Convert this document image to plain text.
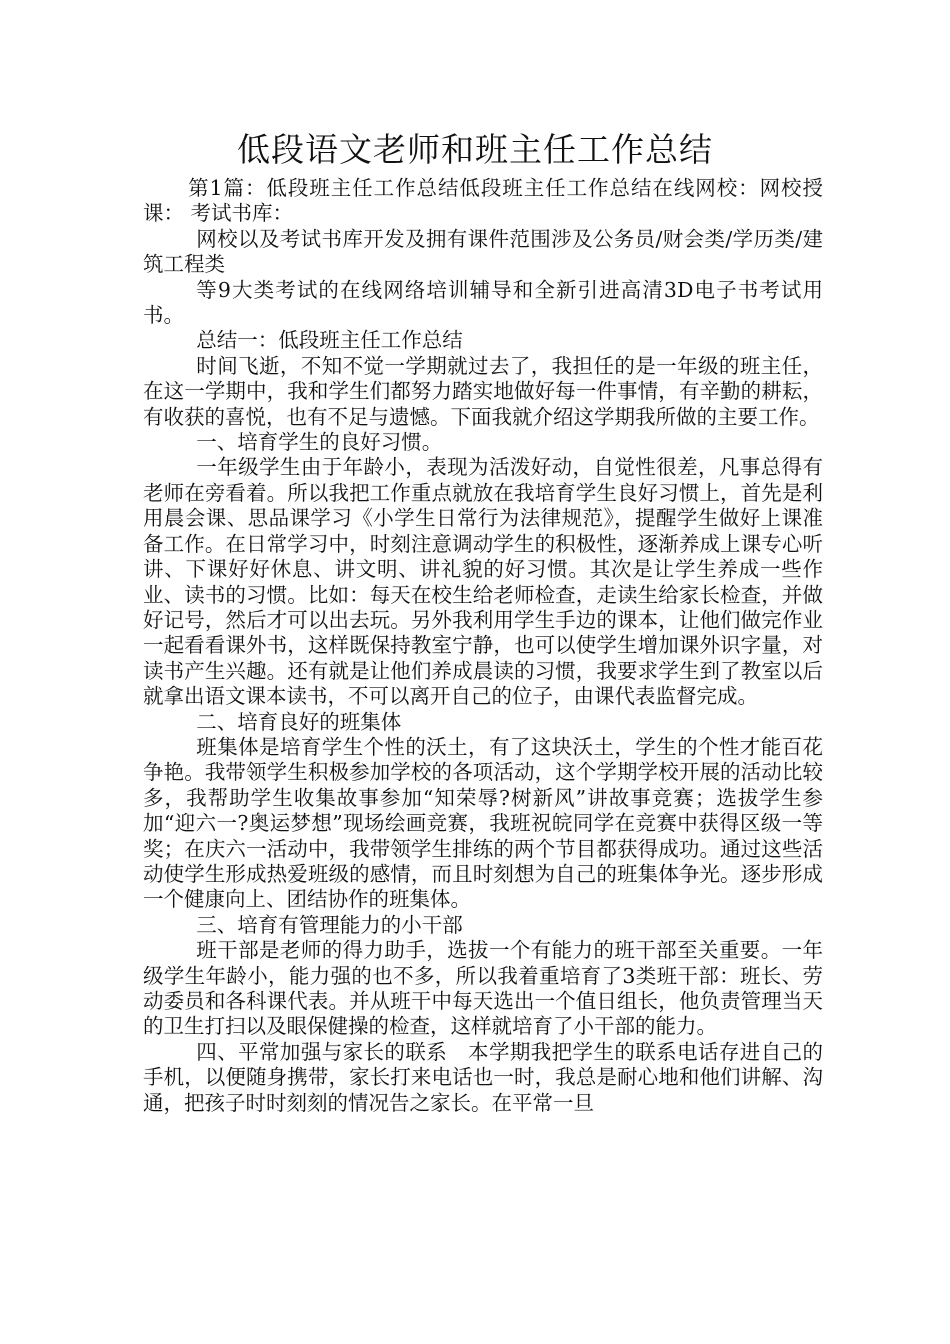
低段语文老师和班主任工作总结

第1篇：低段班主任工作总结低段班主任工作总结在线网校：网校授课： 考试书库：

网校以及考试书库开发及拥有课件范围涉及公务员/财会类/学历类/建筑工程类

等9大类考试的在线网络培训辅导和全新引进高清3D电子书考试用书。

总结一：低段班主任工作总结

时间飞逝，不知不觉一学期就过去了，我担任的是一年级的班主任，在这一学期中，我和学生们都努力踏实地做好每一件事情，有辛勤的耕耘，有收获的喜悦，也有不足与遗憾。下面我就介绍这学期我所做的主要工作。

一、培育学生的良好习惯。

一年级学生由于年龄小，表现为活泼好动，自觉性很差，凡事总得有老师在旁看着。所以我把工作重点就放在我培育学生良好习惯上，首先是利用晨会课、思品课学习《小学生日常行为法律规范》，提醒学生做好上课准备工作。在日常学习中，时刻注意调动学生的积极性，逐渐养成上课专心听讲、下课好好休息、讲文明、讲礼貌的好习惯。其次是让学生养成一些作业、读书的习惯。比如：每天在校生给老师检查，走读生给家长检查，并做好记号，然后才可以出去玩。另外我利用学生手边的课本，让他们做完作业一起看看课外书，这样既保持教室宁静，也可以使学生增加课外识字量，对读书产生兴趣。还有就是让他们养成晨读的习惯，我要求学生到了教室以后就拿出语文课本读书，不可以离开自己的位子，由课代表监督完成。

二、培育良好的班集体

班集体是培育学生个性的沃土，有了这块沃土，学生的个性才能百花争艳。我带领学生积极参加学校的各项活动，这个学期学校开展的活动比较多，我帮助学生收集故事参加“知荣辱?树新风”讲故事竞赛；选拔学生参加“迎六一?奥运梦想”现场绘画竞赛，我班祝皖同学在竞赛中获得区级一等奖；在庆六一活动中，我带领学生排练的两个节目都获得成功。通过这些活动使学生形成热爱班级的感情，而且时刻想为自己的班集体争光。逐步形成一个健康向上、团结协作的班集体。

三、培育有管理能力的小干部

班干部是老师的得力助手，选拔一个有能力的班干部至关重要。一年级学生年龄小，能力强的也不多，所以我着重培育了3类班干部：班长、劳动委员和各科课代表。并从班干中每天选出一个值日组长，他负责管理当天的卫生打扫以及眼保健操的检查，这样就培育了小干部的能力。

四、平常加强与家长的联系　本学期我把学生的联系电话存进自己的手机，以便随身携带，家长打来电话也一时，我总是耐心地和他们讲解、沟通，把孩子时时刻刻的情况告之家长。在平常一旦
